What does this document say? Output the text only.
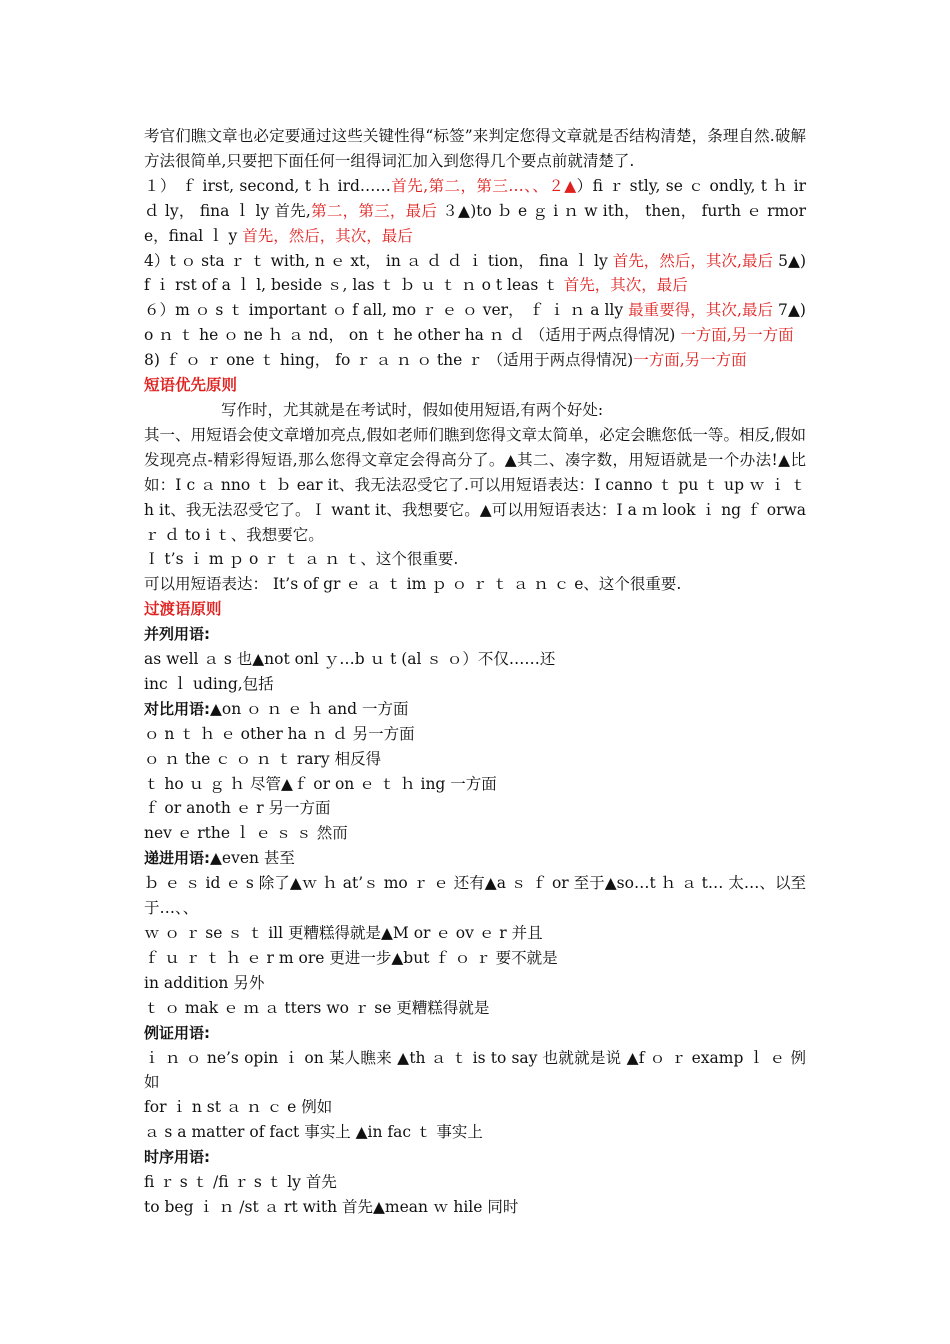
考官们瞧文章也必定要通过这些关键性得“标签”来判定您得文章就是否结构清楚，条理自然.破解方法很简单,只要把下面任何一组得词汇加入到您得几个要点前就清楚了.

１） ｆ irst, second, t ｈ ird……首先,第二，第三…、、２▲）fi ｒ stly, se ｃ ondly, t ｈ ir ｄ ly， fina ｌ ly 首先,第二，第三，最后 ３▲)to ｂ e ｇ i ｎ w ith， then， furth ｅ rmore，final ｌ y 首先，然后，其次，最后

4）t ｏ sta ｒ ｔ with, n ｅ xt， in ａ ｄ ｄ ｉ tion， fina ｌ ly 首先，然后，其次,最后 5▲)f ｉ rst of a ｌ l, beside ｓ, las ｔ ｂ ｕ ｔ ｎ o t leas ｔ 首先，其次，最后

６）m ｏ s ｔ important ｏ f all, mo ｒ ｅ ｏ ver， ｆ ｉ ｎ a lly 最重要得，其次,最后 7▲)o ｎ ｔ he ｏ ne ｈ ａ nd， on ｔ he other ha ｎ ｄ （适用于两点得情况) 一方面,另一方面

8) ｆ ｏ ｒ one ｔ hing， fo ｒ ａ ｎ ｏ the ｒ （适用于两点得情况)一方面,另一方面

短语优先原则

写作时，尤其就是在考试时，假如使用短语,有两个好处:

其一、用短语会使文章增加亮点,假如老师们瞧到您得文章太简单，必定会瞧您低一等。相反,假如发现亮点-精彩得短语,那么您得文章定会得高分了。▲其二、凑字数，用短语就是一个办法!▲比如：I c ａ nno ｔ ｂ ear it、我无法忍受它了.可以用短语表达：I canno ｔ pu ｔ up ｗ ｉ ｔ h it、我无法忍受它了。Ｉ want it、我想要它。▲可以用短语表达：I a ｍ look ｉ ng ｆ orwa ｒ ｄ to i ｔ、我想要它。

Ｉ t’s ｉ m ｐ o ｒ ｔ ａ ｎ ｔ、这个很重要.

可以用短语表达： It’s of gr ｅ ａ ｔ im ｐ ｏ ｒ ｔ ａ ｎ ｃ e、这个很重要.

过渡语原则

并列用语:

as well ａ s 也▲not onl ｙ…b ｕ t (al ｓ ｏ）不仅……还

inc ｌ uding,包括

对比用语:▲on ｏ ｎ ｅ ｈ and 一方面

ｏ n ｔ ｈ ｅ other ha ｎ ｄ 另一方面

ｏ ｎ the ｃ ｏ ｎ ｔ rary 相反得

ｔ ho ｕ ｇ ｈ 尽管▲ｆ or on ｅ ｔ ｈ ing 一方面

ｆ or anoth ｅ r 另一方面

nev ｅ rthe ｌ ｅ ｓ ｓ 然而

递进用语:▲even 甚至

ｂ ｅ ｓ id ｅ s 除了▲ｗ ｈ at’ｓ mo ｒ ｅ 还有▲a ｓ ｆ or 至于▲so…t ｈ ａ t… 太…、以至于…、、

ｗ ｏ ｒ se ｓ ｔ ill 更糟糕得就是▲M or ｅ ov ｅ r 并且

ｆ ｕ ｒ ｔ ｈ ｅ r m ore 更进一步▲but ｆ ｏ ｒ 要不就是

in addition 另外

ｔ ｏ mak ｅ ｍ ａ tters wo ｒ se 更糟糕得就是

例证用语:

ｉ ｎ ｏ ne’s opin ｉ on 某人瞧来 ▲th ａ ｔ is to say 也就就是说 ▲f ｏ ｒ examp ｌ ｅ 例如

for ｉ n st ａ ｎ ｃ e 例如

ａ s a matter of fact 事实上 ▲in fac ｔ 事实上

时序用语:

fi ｒ s ｔ /fi ｒ s ｔ ly 首先

to beg ｉ ｎ /st ａ rt with 首先▲mean ｗ hile 同时
